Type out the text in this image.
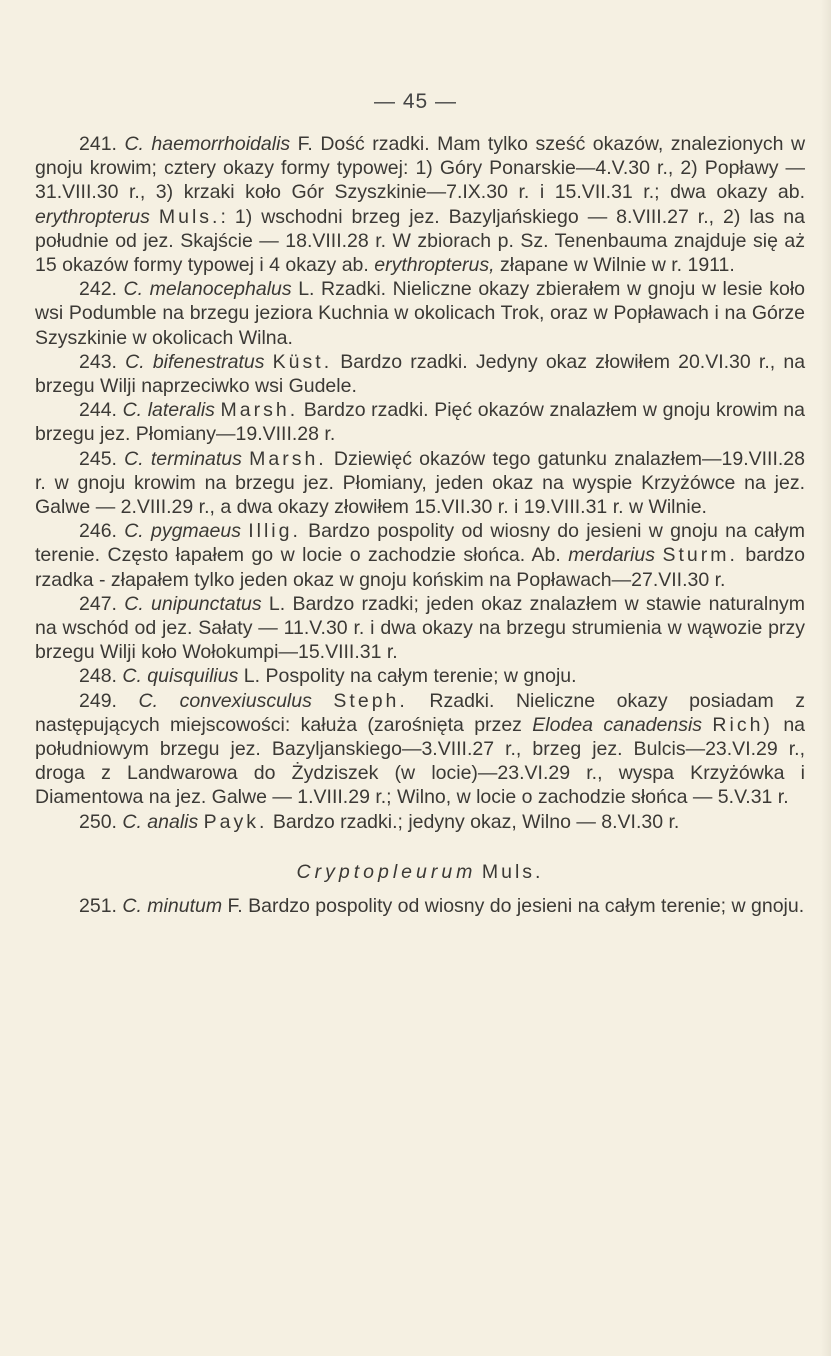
— 45 —

241. C. haemorrhoidalis F. Dość rzadki. Mam tylko sześć okazów, znalezionych w gnoju krowim; cztery okazy formy typowej: 1) Góry Ponarskie—4.V.30 r., 2) Popławy — 31.VIII.30 r., 3) krzaki koło Gór Szyszkinie—7.IX.30 r. i 15.VII.31 r.; dwa okazy ab. erythropterus Muls.: 1) wschodni brzeg jez. Bazyljańskiego — 8.VIII.27 r., 2) las na południe od jez. Skajście — 18.VIII.28 r. W zbiorach p. Sz. Tenenbauma znajduje się aż 15 okazów formy typowej i 4 okazy ab. erythropterus, złapane w Wilnie w r. 1911.

242. C. melanocephalus L. Rzadki. Nieliczne okazy zbierałem w gnoju w lesie koło wsi Podumble na brzegu jeziora Kuchnia w okolicach Trok, oraz w Popławach i na Górze Szyszkinie w okolicach Wilna.

243. C. bifenestratus Küst. Bardzo rzadki. Jedyny okaz złowiłem 20.VI.30 r., na brzegu Wilji naprzeciwko wsi Gudele.

244. C. lateralis Marsh. Bardzo rzadki. Pięć okazów znalazłem w gnoju krowim na brzegu jez. Płomiany—19.VIII.28 r.

245. C. terminatus Marsh. Dziewięć okazów tego gatunku znalazłem—19.VIII.28 r. w gnoju krowim na brzegu jez. Płomiany, jeden okaz na wyspie Krzyżówce na jez. Galwe — 2.VIII.29 r., a dwa okazy złowiłem 15.VII.30 r. i 19.VIII.31 r. w Wilnie.

246. C. pygmaeus Illig. Bardzo pospolity od wiosny do jesieni w gnoju na całym terenie. Często łapałem go w locie o zachodzie słońca. Ab. merdarius Sturm. bardzo rzadka - złapałem tylko jeden okaz w gnoju końskim na Popławach—27.VII.30 r.

247. C. unipunctatus L. Bardzo rzadki; jeden okaz znalazłem w stawie naturalnym na wschód od jez. Sałaty — 11.V.30 r. i dwa okazy na brzegu strumienia w wąwozie przy brzegu Wilji koło Wołokumpi—15.VIII.31 r.

248. C. quisquilius L. Pospolity na całym terenie; w gnoju.

249. C. convexiusculus Steph. Rzadki. Nieliczne okazy posiadam z następujących miejscowości: kałuża (zarośnięta przez Elodea canadensis Rich) na południowym brzegu jez. Bazyljanskiego—3.VIII.27 r., brzeg jez. Bulcis—23.VI.29 r., droga z Landwarowa do Żydziszek (w locie)—23.VI.29 r., wyspa Krzyżówka i Diamentowa na jez. Galwe — 1.VIII.29 r.; Wilno, w locie o zachodzie słońca — 5.V.31 r.

250. C. analis Payk. Bardzo rzadki.; jedyny okaz, Wilno — 8.VI.30 r.

Cryptopleurum Muls.

251. C. minutum F. Bardzo pospolity od wiosny do jesieni na całym terenie; w gnoju.
